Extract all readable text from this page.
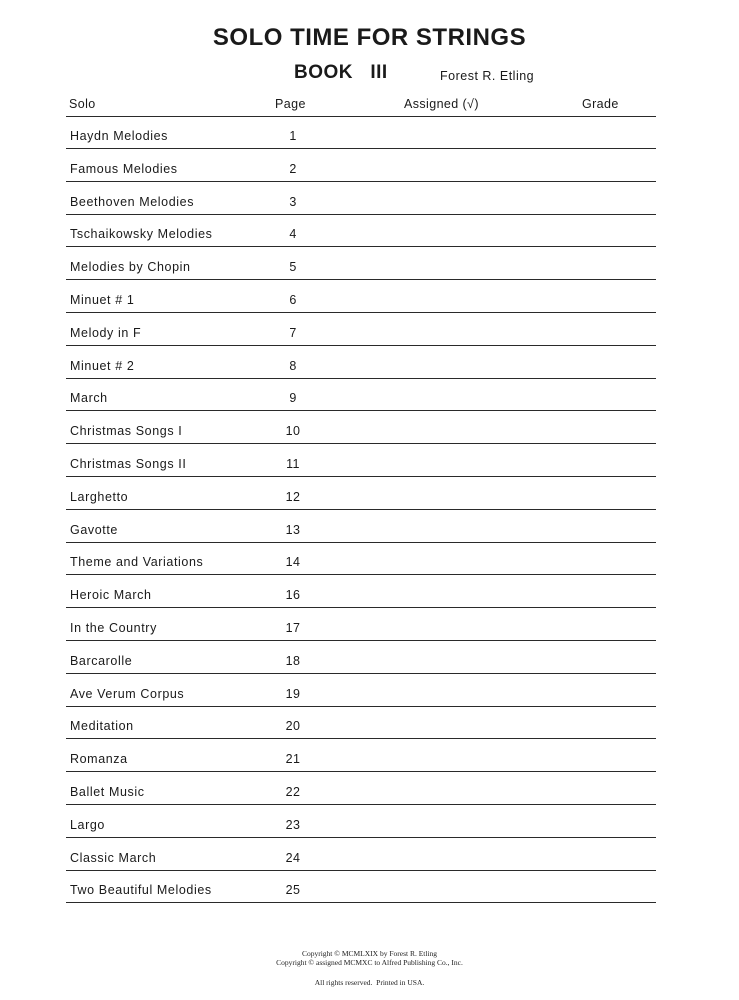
SOLO TIME FOR STRINGS
BOOK   III	Forest R. Etling
Solo	Page	Assigned (√)	Grade
Haydn Melodies	1
Famous Melodies	2
Beethoven Melodies	3
Tschaikowsky Melodies	4
Melodies by Chopin	5
Minuet # 1	6
Melody in F	7
Minuet # 2	8
March	9
Christmas Songs I	10
Christmas Songs II	11
Larghetto	12
Gavotte	13
Theme and Variations	14
Heroic March	16
In the Country	17
Barcarolle	18
Ave Verum Corpus	19
Meditation	20
Romanza	21
Ballet Music	22
Largo	23
Classic March	24
Two Beautiful Melodies	25
Copyright © MCMLXIX by Forest R. Etling
Copyright © assigned MCMXC to Alfred Publishing Co., Inc.
All rights reserved.  Printed in USA.
